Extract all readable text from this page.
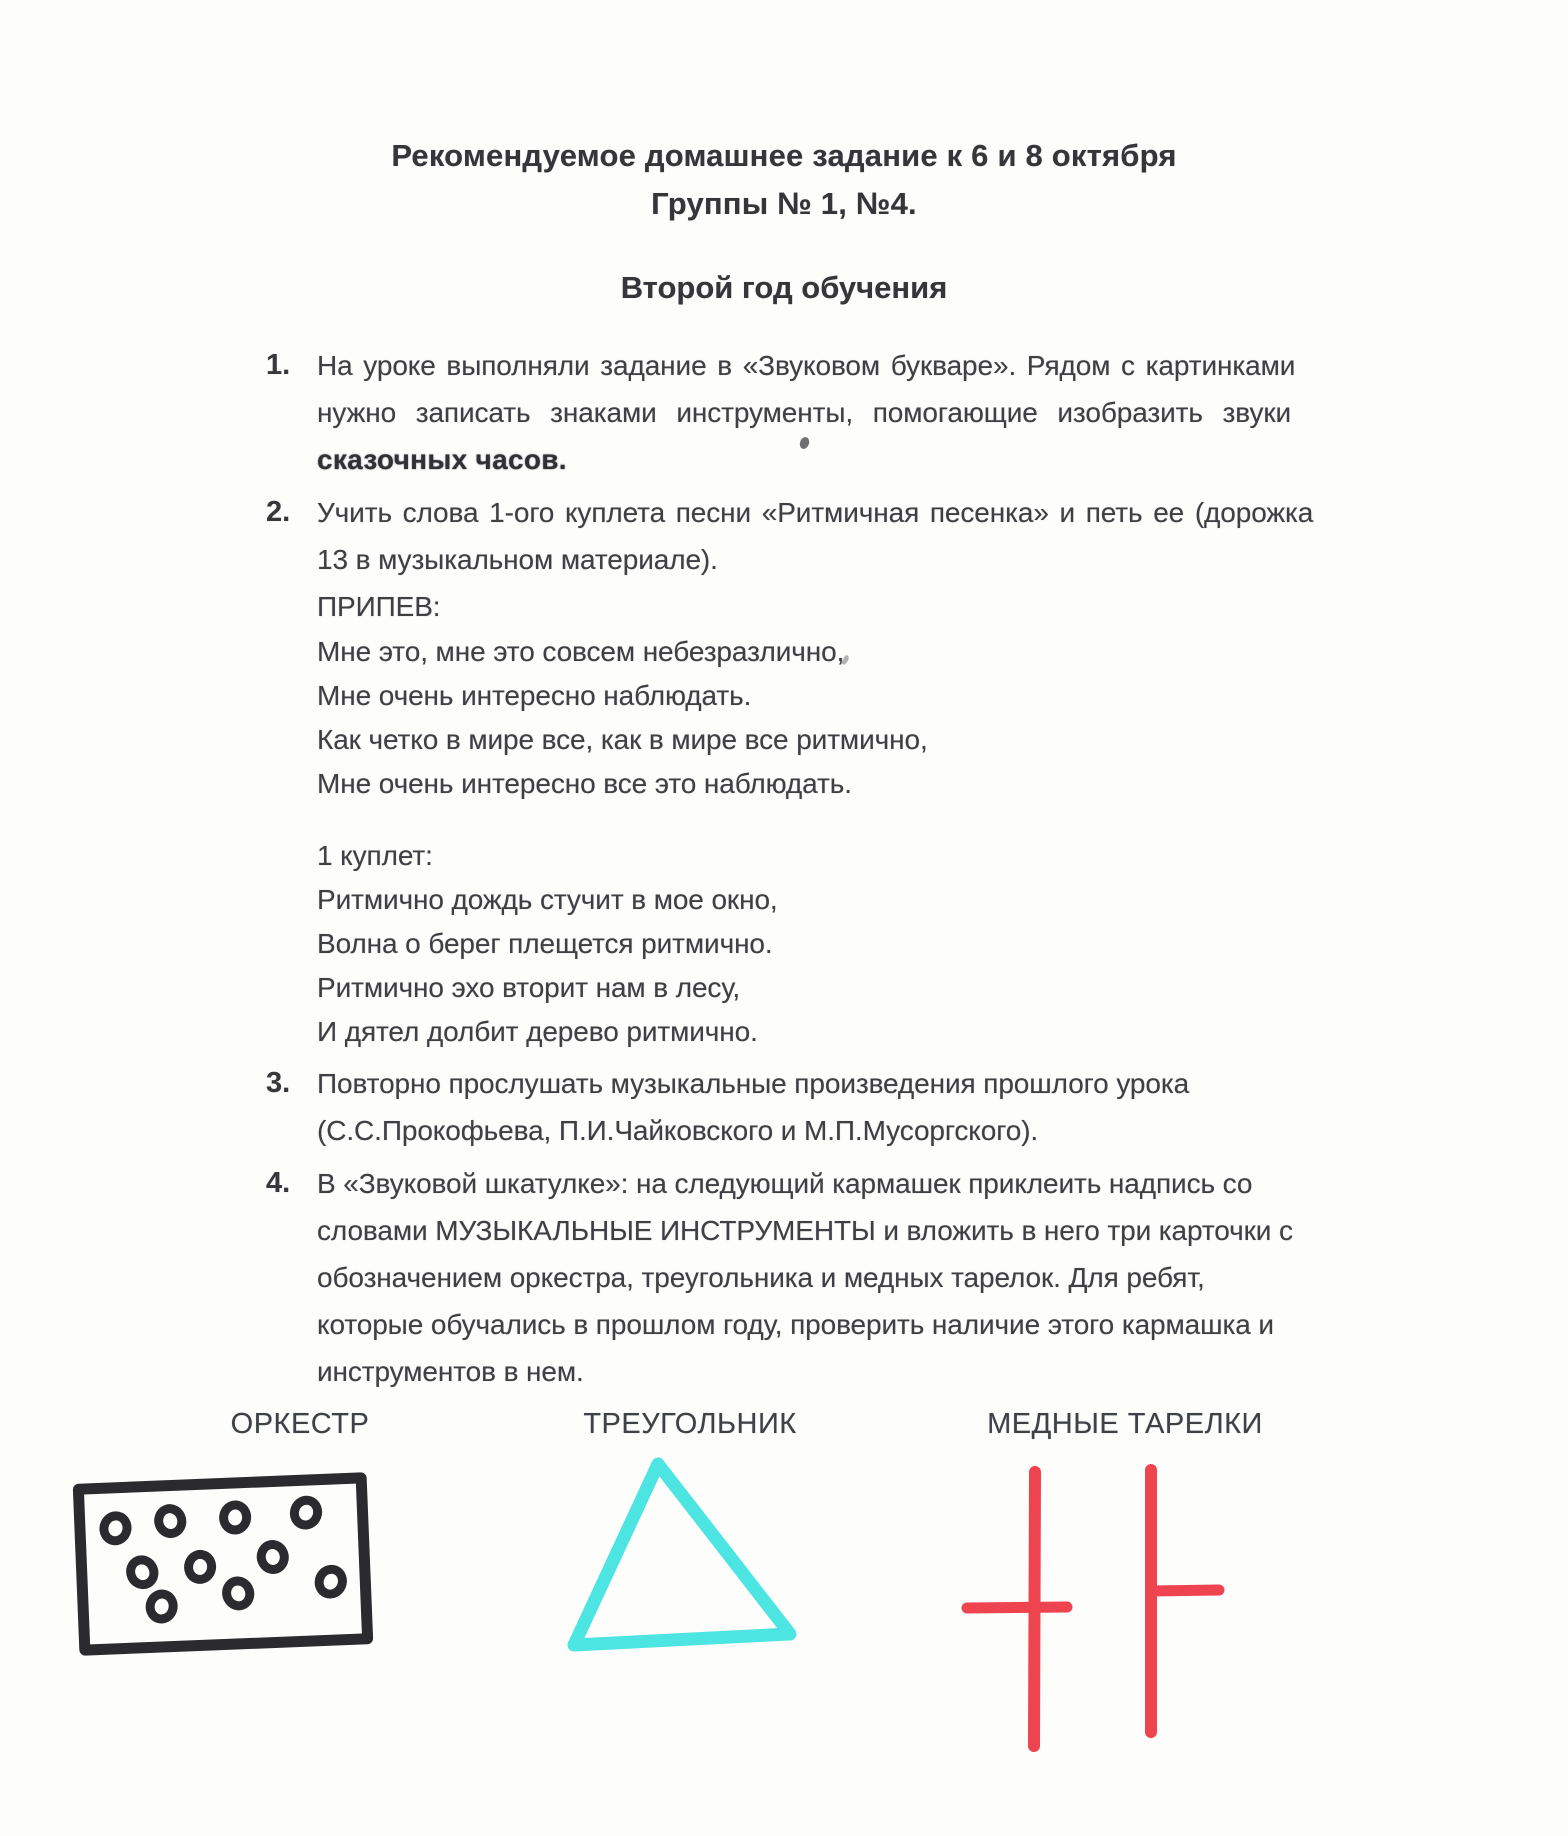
Рекомендуемое домашнее задание к 6 и 8 октября
Группы № 1, №4.
Второй год обучения
1. На уроке выполняли задание в «Звуковом букваре». Рядом с картинками
нужно записать знаками инструменты, помогающие изобразить звуки
сказочных часов.
2. Учить слова 1-ого куплета песни «Ритмичная песенка» и петь ее (дорожка
13 в музыкальном материале).
ПРИПЕВ:
Мне это, мне это совсем небезразлично,
Мне очень интересно наблюдать.
Как четко в мире все, как в мире все ритмично,
Мне очень интересно все это наблюдать.
1 куплет:
Ритмично дождь стучит в мое окно,
Волна о берег плещется ритмично.
Ритмично эхо вторит нам в лесу,
И дятел долбит дерево ритмично.
3. Повторно прослушать музыкальные произведения прошлого урока
(С.С.Прокофьева, П.И.Чайковского и М.П.Мусоргского).
4. В «Звуковой шкатулке»: на следующий кармашек приклеить надпись со
словами МУЗЫКАЛЬНЫЕ ИНСТРУМЕНТЫ и вложить в него три карточки с
обозначением оркестра, треугольника и медных тарелок. Для ребят,
которые обучались в прошлом году, проверить наличие этого кармашка и
инструментов в нем.
ОРКЕСТР	ТРЕУГОЛЬНИК	МЕДНЫЕ ТАРЕЛКИ
